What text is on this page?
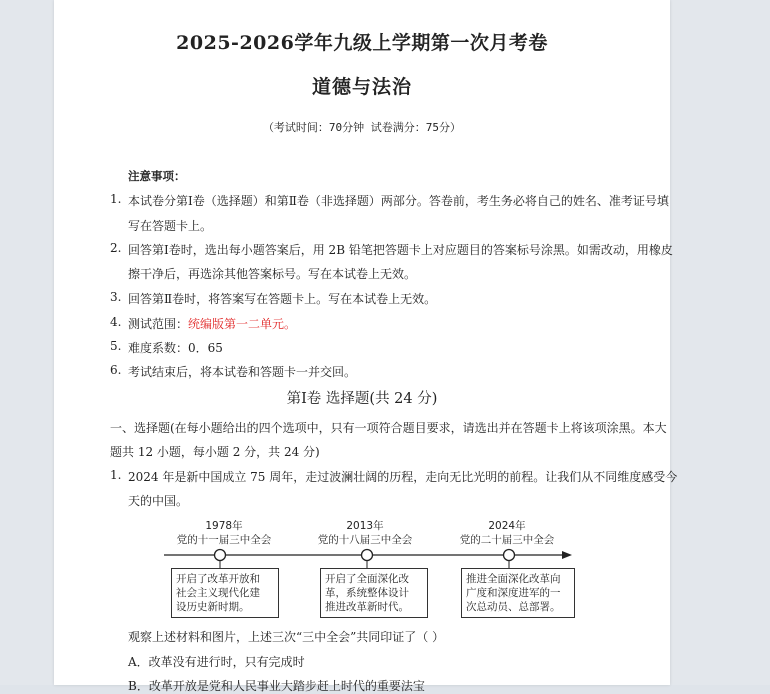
2025-2026学年九级上学期第一次月考卷
道德与法治
（考试时间：70分钟 试卷满分：75分）
注意事项：
1. 本试卷分第Ⅰ卷（选择题）和第Ⅱ卷（非选择题）两部分。答卷前，考生务必将自己的姓名、准考证号填
写在答题卡上。
2. 回答第Ⅰ卷时，选出每小题答案后，用 2B 铅笔把答题卡上对应题目的答案标号涂黑。如需改动，用橡皮
擦干净后，再选涂其他答案标号。写在本试卷上无效。
3. 回答第Ⅱ卷时，将答案写在答题卡上。写在本试卷上无效。
4. 测试范围：统编版第一二单元。
5. 难度系数：0．65
6. 考试结束后，将本试卷和答题卡一并交回。
第Ⅰ卷 选择题(共 24 分)
一、选择题(在每小题给出的四个选项中，只有一项符合题目要求，请选出并在答题卡上将该项涂黑。本大
题共 12 小题，每小题 2 分，共 24 分)
1. 2024 年是新中国成立 75 周年，走过波澜壮阔的历程，走向无比光明的前程。让我们从不同维度感受今
天的中国。
1978年
党的十一届三中全会
2013年
党的十八届三中全会
2024年
党的二十届三中全会
开启了改革开放和
社会主义现代化建
设历史新时期。
开启了全面深化改
革，系统整体设计
推进改革新时代。
推进全面深化改革向
广度和深度进军的一
次总动员、总部署。
观察上述材料和图片，上述三次“三中全会”共同印证了（ ）
A．改革没有进行时，只有完成时
B．改革开放是党和人民事业大踏步赶上时代的重要法宝
